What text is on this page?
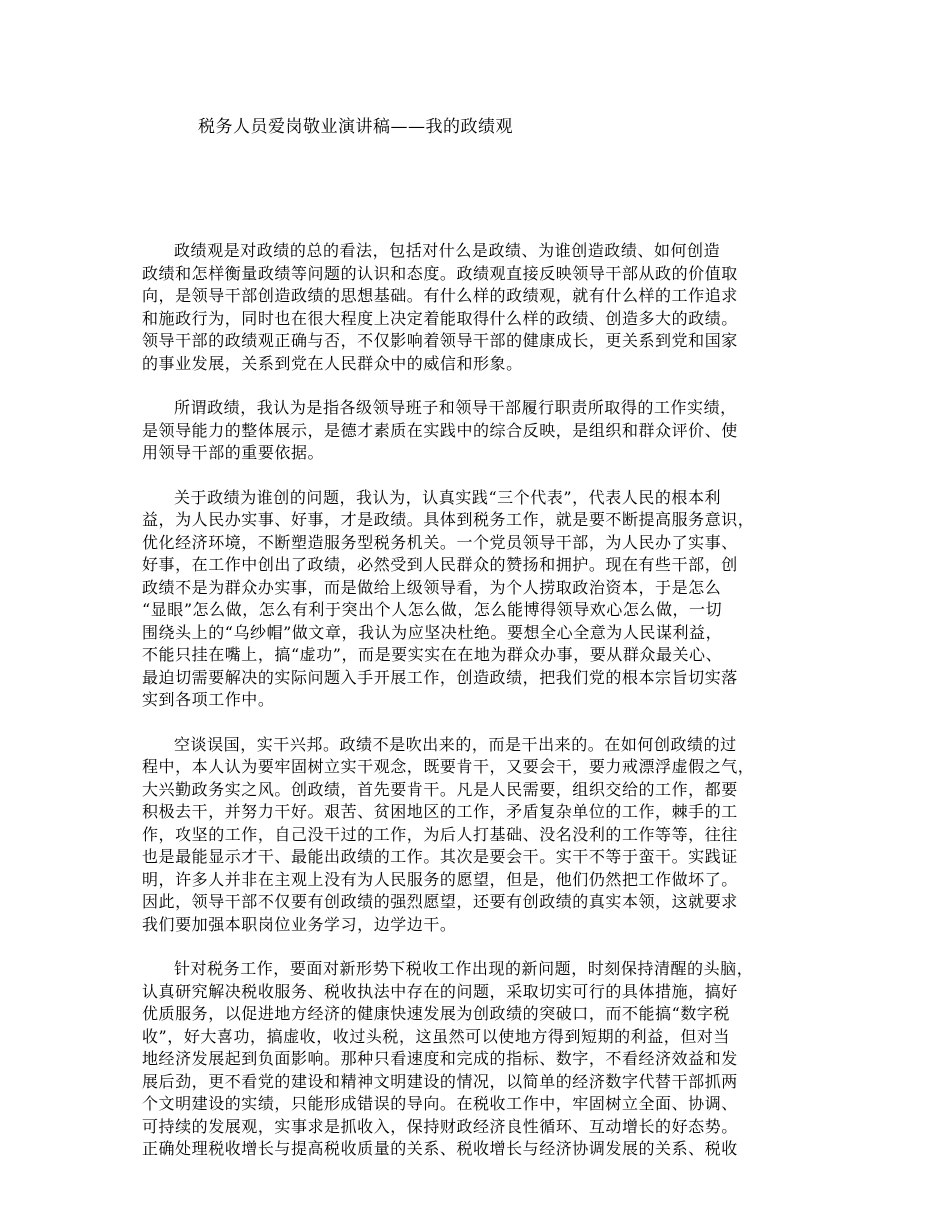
税务人员爱岗敬业演讲稿——我的政绩观

政绩观是对政绩的总的看法，包括对什么是政绩、为谁创造政绩、如何创造
政绩和怎样衡量政绩等问题的认识和态度。政绩观直接反映领导干部从政的价值取
向，是领导干部创造政绩的思想基础。有什么样的政绩观，就有什么样的工作追求
和施政行为，同时也在很大程度上决定着能取得什么样的政绩、创造多大的政绩。
领导干部的政绩观正确与否，不仅影响着领导干部的健康成长，更关系到党和国家
的事业发展，关系到党在人民群众中的威信和形象。

所谓政绩，我认为是指各级领导班子和领导干部履行职责所取得的工作实绩，
是领导能力的整体展示，是德才素质在实践中的综合反映，是组织和群众评价、使
用领导干部的重要依据。

关于政绩为谁创的问题，我认为，认真实践“三个代表”，代表人民的根本利
益，为人民办实事、好事，才是政绩。具体到税务工作，就是要不断提高服务意识，
优化经济环境，不断塑造服务型税务机关。一个党员领导干部，为人民办了实事、
好事，在工作中创出了政绩，必然受到人民群众的赞扬和拥护。现在有些干部，创
政绩不是为群众办实事，而是做给上级领导看，为个人捞取政治资本，于是怎么
“显眼”怎么做，怎么有利于突出个人怎么做，怎么能博得领导欢心怎么做，一切
围绕头上的“乌纱帽”做文章，我认为应坚决杜绝。要想全心全意为人民谋利益，
不能只挂在嘴上，搞“虚功”，而是要实实在在地为群众办事，要从群众最关心、
最迫切需要解决的实际问题入手开展工作，创造政绩，把我们党的根本宗旨切实落
实到各项工作中。

空谈误国，实干兴邦。政绩不是吹出来的，而是干出来的。在如何创政绩的过
程中，本人认为要牢固树立实干观念，既要肯干，又要会干，要力戒漂浮虚假之气，
大兴勤政务实之风。创政绩，首先要肯干。凡是人民需要，组织交给的工作，都要
积极去干，并努力干好。艰苦、贫困地区的工作，矛盾复杂单位的工作，棘手的工
作，攻坚的工作，自己没干过的工作，为后人打基础、没名没利的工作等等，往往
也是最能显示才干、最能出政绩的工作。其次是要会干。实干不等于蛮干。实践证
明，许多人并非在主观上没有为人民服务的愿望，但是，他们仍然把工作做坏了。
因此，领导干部不仅要有创政绩的强烈愿望，还要有创政绩的真实本领，这就要求
我们要加强本职岗位业务学习，边学边干。

针对税务工作，要面对新形势下税收工作出现的新问题，时刻保持清醒的头脑，
认真研究解决税收服务、税收执法中存在的问题，采取切实可行的具体措施，搞好
优质服务，以促进地方经济的健康快速发展为创政绩的突破口，而不能搞“数字税
收”，好大喜功，搞虚收，收过头税，这虽然可以使地方得到短期的利益，但对当
地经济发展起到负面影响。那种只看速度和完成的指标、数字，不看经济效益和发
展后劲，更不看党的建设和精神文明建设的情况，以简单的经济数字代替干部抓两
个文明建设的实绩，只能形成错误的导向。在税收工作中，牢固树立全面、协调、
可持续的发展观，实事求是抓收入，保持财政经济良性循环、互动增长的好态势。
正确处理税收增长与提高税收质量的关系、税收增长与经济协调发展的关系、税收
